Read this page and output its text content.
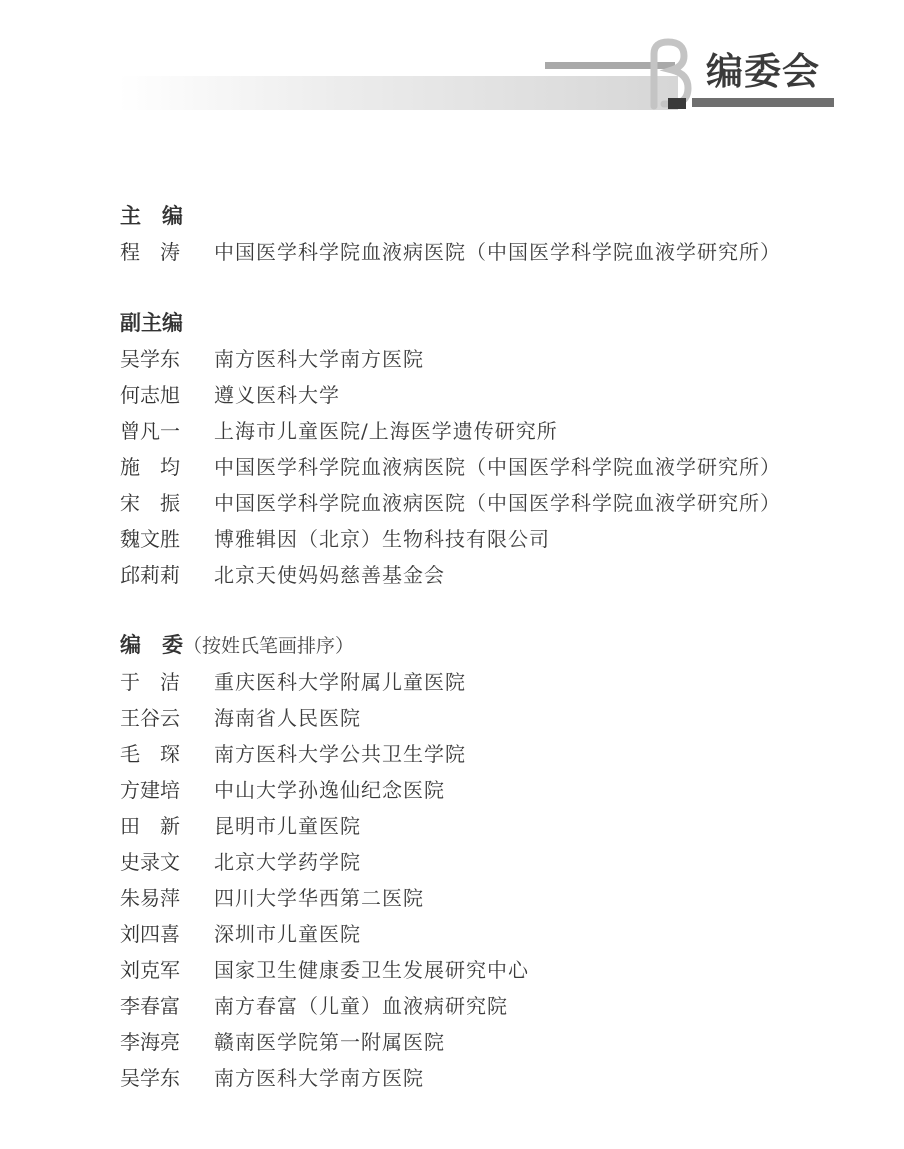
编委会
主　编
程　涛	中国医学科学院血液病医院（中国医学科学院血液学研究所）
副主编
吴学东	南方医科大学南方医院
何志旭	遵义医科大学
曾凡一	上海市儿童医院/上海医学遗传研究所
施　均	中国医学科学院血液病医院（中国医学科学院血液学研究所）
宋　振	中国医学科学院血液病医院（中国医学科学院血液学研究所）
魏文胜	博雅辑因（北京）生物科技有限公司
邱莉莉	北京天使妈妈慈善基金会
编　委（按姓氏笔画排序）
于　洁	重庆医科大学附属儿童医院
王谷云	海南省人民医院
毛　琛	南方医科大学公共卫生学院
方建培	中山大学孙逸仙纪念医院
田　新	昆明市儿童医院
史录文	北京大学药学院
朱易萍	四川大学华西第二医院
刘四喜	深圳市儿童医院
刘克军	国家卫生健康委卫生发展研究中心
李春富	南方春富（儿童）血液病研究院
李海亮	赣南医学院第一附属医院
吴学东	南方医科大学南方医院
